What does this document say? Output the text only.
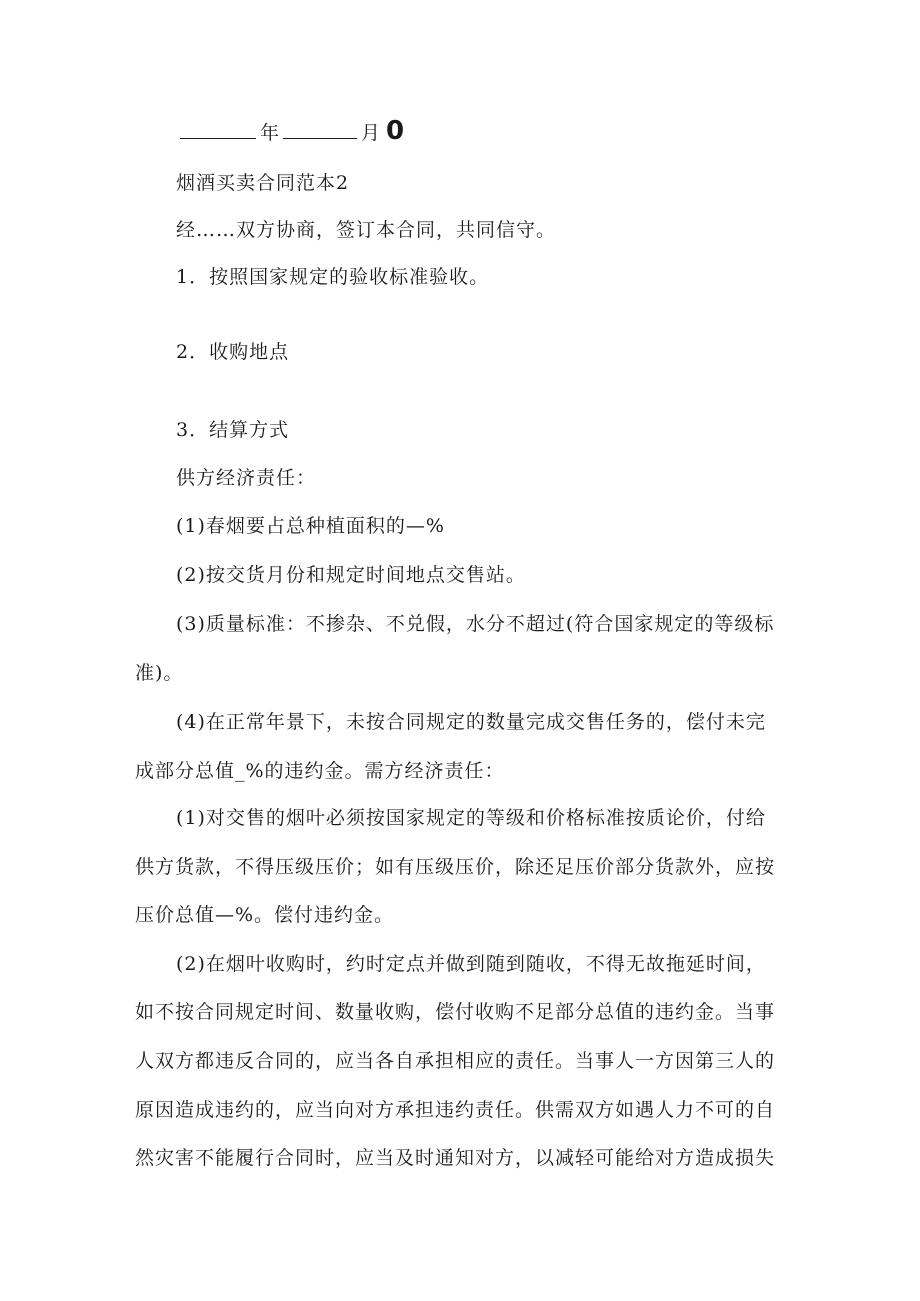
年	月 0
烟酒买卖合同范本2
经……双方协商，签订本合同，共同信守。
1．按照国家规定的验收标准验收。
2．收购地点
3．结算方式
供方经济责任：
(1)春烟要占总种植面积的—%
(2)按交货月份和规定时间地点交售站。
(3)质量标准：不掺杂、不兑假，水分不超过(符合国家规定的等级标
准)。
(4)在正常年景下，未按合同规定的数量完成交售任务的，偿付未完
成部分总值_%的违约金。需方经济责任：
(1)对交售的烟叶必须按国家规定的等级和价格标准按质论价，付给
供方货款，不得压级压价；如有压级压价，除还足压价部分货款外，应按
压价总值—%。偿付违约金。
(2)在烟叶收购时，约时定点并做到随到随收，不得无故拖延时间，
如不按合同规定时间、数量收购，偿付收购不足部分总值的违约金。当事
人双方都违反合同的，应当各自承担相应的责任。当事人一方因第三人的
原因造成违约的，应当向对方承担违约责任。供需双方如遇人力不可的自
然灾害不能履行合同时，应当及时通知对方，以减轻可能给对方造成损失
